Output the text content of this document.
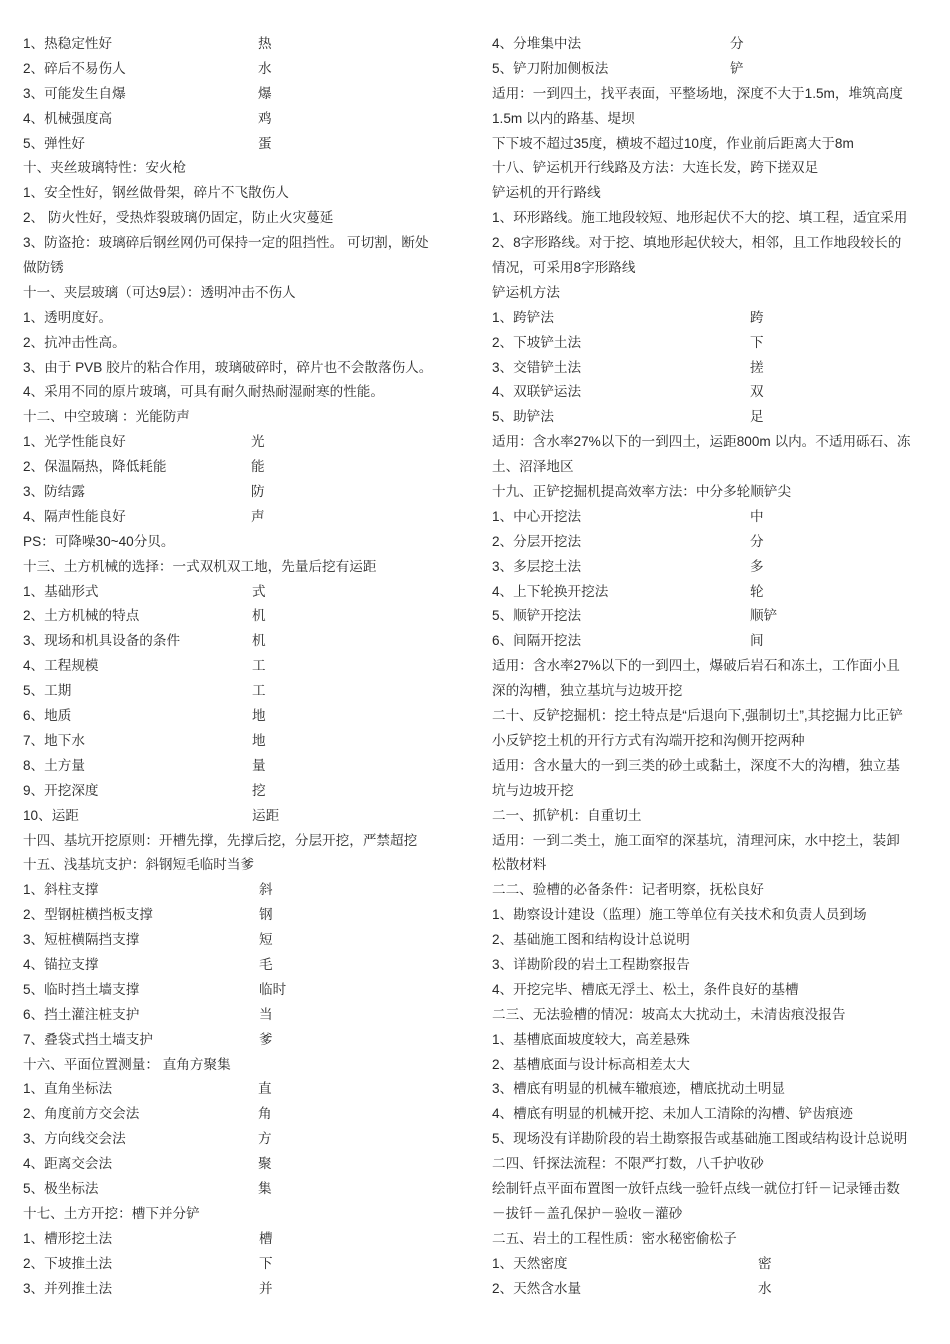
1、热稳定性好	热
2、碎后不易伤人	水
3、可能发生自爆	爆
4、机械强度高	鸡
5、弹性好	蛋
十、夹丝玻璃特性：安火枪
1、安全性好，钢丝做骨架，碎片不飞散伤人
2、 防火性好，受热炸裂玻璃仍固定，防止火灾蔓延
3、防盗抢：玻璃碎后钢丝网仍可保持一定的阻挡性。 可切割，断处
做防锈
十一、夹层玻璃（可达9层）：透明冲击不伤人
1、透明度好。
2、抗冲击性高。
3、由于 PVB 胶片的粘合作用，玻璃破碎时，碎片也不会散落伤人。
4、采用不同的原片玻璃，可具有耐久耐热耐湿耐寒的性能。
十二、中空玻璃 ：光能防声
1、光学性能良好	光
2、保温隔热，降低耗能	能
3、防结露	防
4、隔声性能良好	声
PS：可降噪30~40分贝。
十三、土方机械的选择：一式双机双工地，先量后挖有运距
1、基础形式	式
2、土方机械的特点	机
3、现场和机具设备的条件	机
4、工程规模	工
5、工期	工
6、地质	地
7、地下水	地
8、土方量	量
9、开挖深度	挖
10、运距	运距
十四、基坑开挖原则：开槽先撑，先撑后挖，分层开挖，严禁超挖
十五、浅基坑支护：斜钢短毛临时当爹
1、斜柱支撑	斜
2、型钢桩横挡板支撑	钢
3、短桩横隔挡支撑	短
4、锚拉支撑	毛
5、临时挡土墙支撑	临时
6、挡土灌注桩支护	当
7、叠袋式挡土墙支护	爹
十六、平面位置测量： 直角方聚集
1、直角坐标法	直
2、角度前方交会法	角
3、方向线交会法	方
4、距离交会法	聚
5、极坐标法	集
十七、土方开挖：槽下并分铲
1、槽形挖土法	槽
2、下坡推土法	下
3、并列推土法	并
4、分堆集中法	分
5、铲刀附加侧板法	铲
适用：一到四土，找平表面，平整场地，深度不大于1.5m，堆筑高度
1.5m 以内的路基、堤坝
下下坡不超过35度，横坡不超过10度，作业前后距离大于8m
十八、铲运机开行线路及方法：大连长发，跨下搓双足
铲运机的开行路线
1、环形路线。施工地段较短、地形起伏不大的挖、填工程，适宜采用
2、8字形路线。对于挖、填地形起伏较大，相邻，且工作地段较长的
情况，可采用8字形路线
铲运机方法
1、跨铲法	跨
2、下坡铲土法	下
3、交错铲土法	搓
4、双联铲运法	双
5、助铲法	足
适用：含水率27%以下的一到四土，运距800m 以内。不适用砾石、冻
土、沼泽地区
十九、正铲挖掘机提高效率方法：中分多轮顺铲尖
1、中心开挖法	中
2、分层开挖法	分
3、多层挖土法	多
4、上下轮换开挖法	轮
5、顺铲开挖法	顺铲
6、间隔开挖法	间
适用：含水率27%以下的一到四土，爆破后岩石和冻土，工作面小且
深的沟槽，独立基坑与边坡开挖
二十、反铲挖掘机：挖土特点是“后退向下,强制切土”,其挖掘力比正铲
小反铲挖土机的开行方式有沟端开挖和沟侧开挖两种
适用：含水量大的一到三类的砂土或黏土，深度不大的沟槽，独立基
坑与边坡开挖
二一、抓铲机：自重切土
适用：一到二类土，施工面窄的深基坑，清理河床，水中挖土，装卸
松散材料
二二、验槽的必备条件：记者明察，抚松良好
1、勘察设计建设（监理）施工等单位有关技术和负责人员到场
2、基础施工图和结构设计总说明
3、详勘阶段的岩土工程勘察报告
4、开挖完毕、槽底无浮土、松土，条件良好的基槽
二三、无法验槽的情况：坡高太大扰动土，未清齿痕没报告
1、基槽底面坡度较大，高差悬殊
2、基槽底面与设计标高相差太大
3、槽底有明显的机械车辙痕迹，槽底扰动土明显
4、槽底有明显的机械开挖、未加人工清除的沟槽、铲齿痕迹
5、现场没有详勘阶段的岩土勘察报告或基础施工图或结构设计总说明
二四、钎探法流程：不限严打数，八千护收砂
绘制钎点平面布置图一放钎点线一验钎点线一就位打钎－记录锤击数
－拔钎－盖孔保护－验收－灌砂
二五、岩土的工程性质：密水秘密偷松子
1、天然密度	密
2、天然含水量	水
